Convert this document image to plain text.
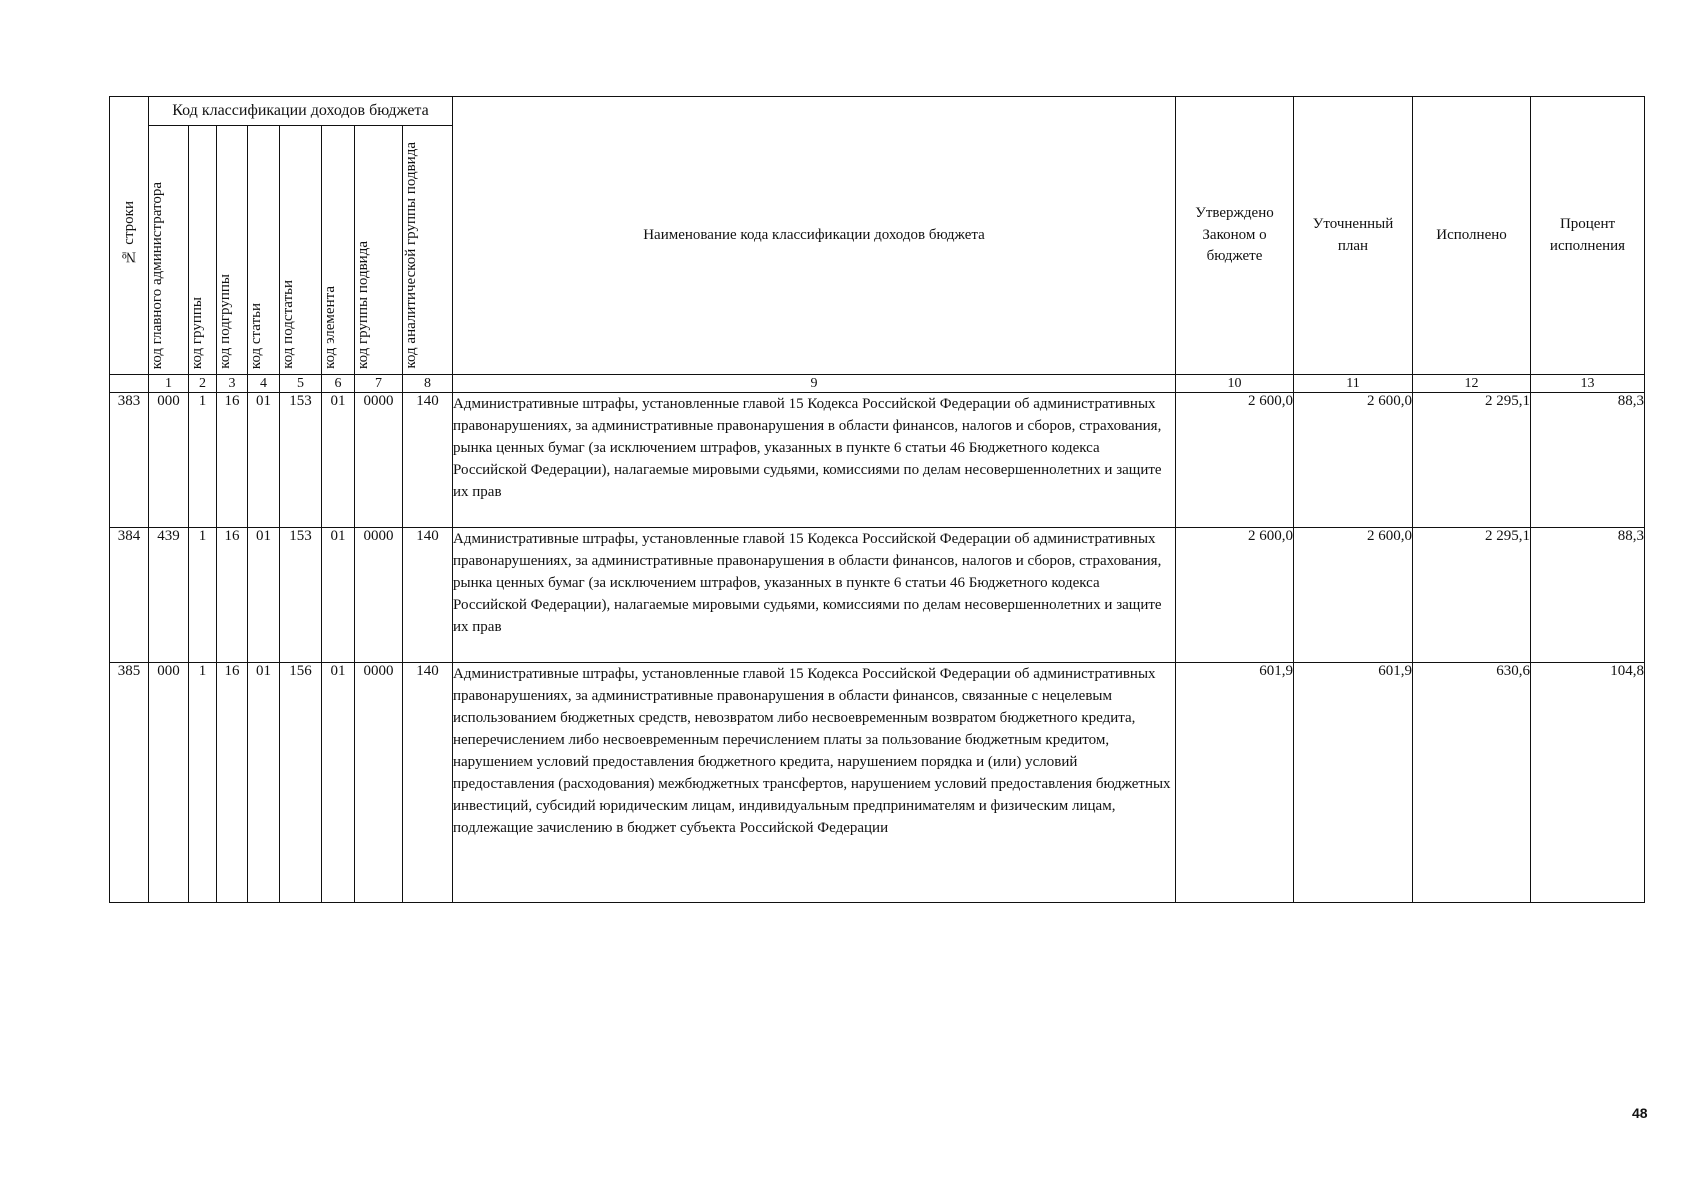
№ строки	Код классификации доходов бюджета								Наименование кода классификации доходов бюджета	Утверждено Законом о бюджете	Уточненный план	Исполнено	Процент исполнения
	код главного администратора	код группы	код подгруппы	код статьи	код подстатьи	код элемента	код группы подвида	код аналитической группы подвида					
	1	2	3	4	5	6	7	8	9	10	11	12	13
383	000	1	16	01	153	01	0000	140	Административные штрафы, установленные главой 15 Кодекса Российской Федерации об административных правонарушениях, за административные правонарушения в области финансов, налогов и сборов, страхования, рынка ценных бумаг (за исключением штрафов, указанных в пункте 6 статьи 46 Бюджетного кодекса Российской Федерации), налагаемые мировыми судьями, комиссиями по делам несовершеннолетних и защите их прав	2 600,0	2 600,0	2 295,1	88,3
384	439	1	16	01	153	01	0000	140	Административные штрафы, установленные главой 15 Кодекса Российской Федерации об административных правонарушениях, за административные правонарушения в области финансов, налогов и сборов, страхования, рынка ценных бумаг (за исключением штрафов, указанных в пункте 6 статьи 46 Бюджетного кодекса Российской Федерации), налагаемые мировыми судьями, комиссиями по делам несовершеннолетних и защите их прав	2 600,0	2 600,0	2 295,1	88,3
385	000	1	16	01	156	01	0000	140	Административные штрафы, установленные главой 15 Кодекса Российской Федерации об административных правонарушениях, за административные правонарушения в области финансов, связанные с нецелевым использованием бюджетных средств, невозвратом либо несвоевременным возвратом бюджетного кредита, неперечислением либо несвоевременным перечислением платы за пользование бюджетным кредитом, нарушением условий предоставления бюджетного кредита, нарушением порядка и (или) условий предоставления (расходования) межбюджетных трансфертов, нарушением условий предоставления бюджетных инвестиций, субсидий юридическим лицам, индивидуальным предпринимателям и физическим лицам, подлежащие зачислению в бюджет субъекта Российской Федерации	601,9	601,9	630,6	104,8
48
